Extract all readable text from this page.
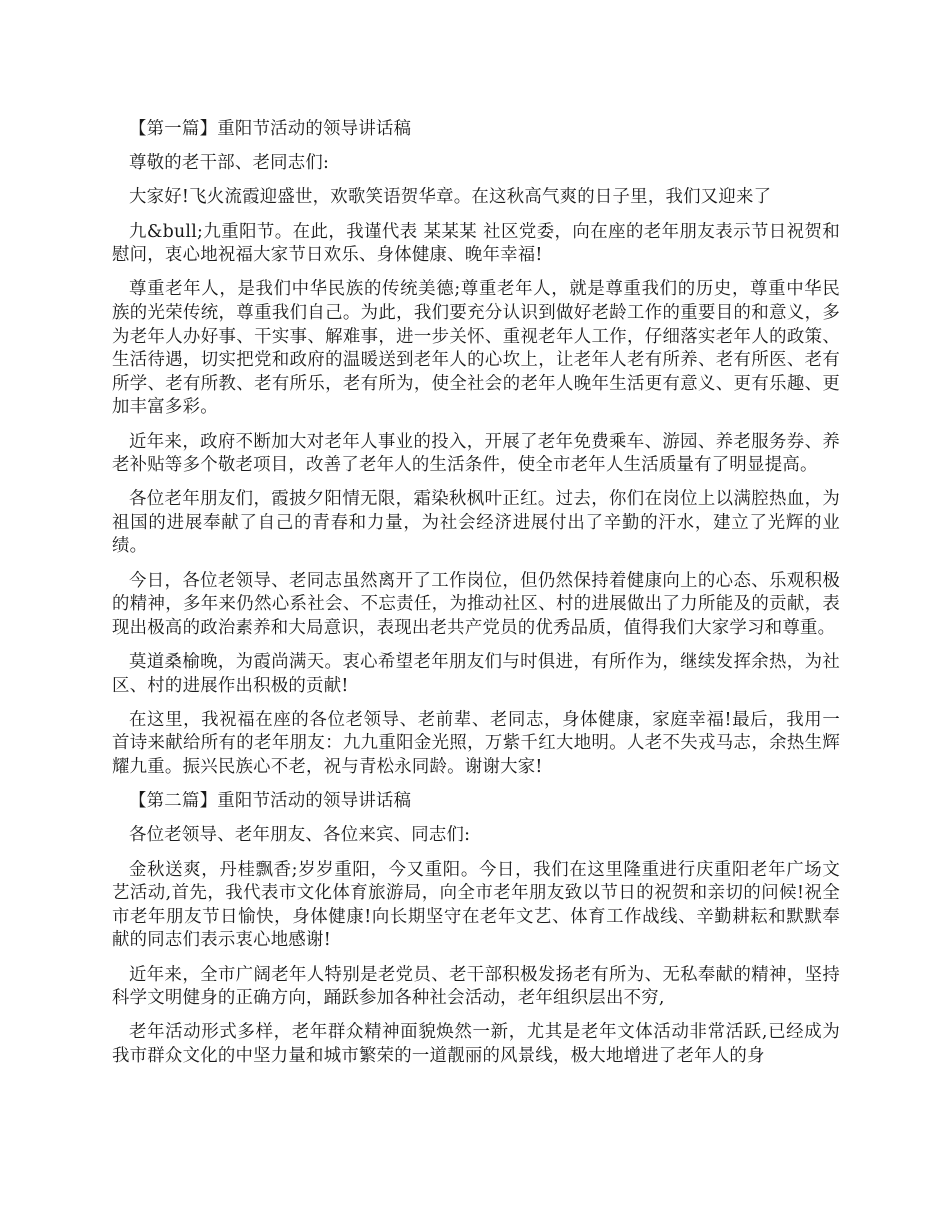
【第一篇】重阳节活动的领导讲话稿

尊敬的老干部、老同志们:

大家好!飞火流霞迎盛世，欢歌笑语贺华章。在这秋高气爽的日子里，我们又迎来了

九&bull;九重阳节。在此，我谨代表 某某某 社区党委，向在座的老年朋友表示节日祝贺和慰问，衷心地祝福大家节日欢乐、身体健康、晚年幸福!

尊重老年人，是我们中华民族的传统美德;尊重老年人，就是尊重我们的历史，尊重中华民族的光荣传统，尊重我们自己。为此，我们要充分认识到做好老龄工作的重要目的和意义，多为老年人办好事、干实事、解难事，进一步关怀、重视老年人工作，仔细落实老年人的政策、生活待遇，切实把党和政府的温暖送到老年人的心坎上，让老年人老有所养、老有所医、老有所学、老有所教、老有所乐，老有所为，使全社会的老年人晚年生活更有意义、更有乐趣、更加丰富多彩。

近年来，政府不断加大对老年人事业的投入，开展了老年免费乘车、游园、养老服务券、养老补贴等多个敬老项目，改善了老年人的生活条件，使全市老年人生活质量有了明显提高。

各位老年朋友们，霞披夕阳情无限，霜染秋枫叶正红。过去，你们在岗位上以满腔热血，为祖国的进展奉献了自己的青春和力量，为社会经济进展付出了辛勤的汗水，建立了光辉的业绩。

今日，各位老领导、老同志虽然离开了工作岗位，但仍然保持着健康向上的心态、乐观积极的精神，多年来仍然心系社会、不忘责任，为推动社区、村的进展做出了力所能及的贡献，表现出极高的政治素养和大局意识，表现出老共产党员的优秀品质，值得我们大家学习和尊重。

莫道桑榆晚，为霞尚满天。衷心希望老年朋友们与时俱进，有所作为，继续发挥余热，为社区、村的进展作出积极的贡献!

在这里，我祝福在座的各位老领导、老前辈、老同志，身体健康，家庭幸福!最后，我用一首诗来献给所有的老年朋友：九九重阳金光照，万紫千红大地明。人老不失戎马志，余热生辉耀九重。振兴民族心不老，祝与青松永同龄。谢谢大家!

【第二篇】重阳节活动的领导讲话稿

各位老领导、老年朋友、各位来宾、同志们:

金秋送爽，丹桂飘香;岁岁重阳，今又重阳。今日，我们在这里隆重进行庆重阳老年广场文艺活动,首先，我代表市文化体育旅游局，向全市老年朋友致以节日的祝贺和亲切的问候!祝全市老年朋友节日愉快，身体健康!向长期坚守在老年文艺、体育工作战线、辛勤耕耘和默默奉献的同志们表示衷心地感谢!

近年来，全市广阔老年人特别是老党员、老干部积极发扬老有所为、无私奉献的精神，坚持科学文明健身的正确方向，踊跃参加各种社会活动，老年组织层出不穷,

老年活动形式多样，老年群众精神面貌焕然一新，尤其是老年文体活动非常活跃,已经成为我市群众文化的中坚力量和城市繁荣的一道靓丽的风景线，极大地增进了老年人的身
